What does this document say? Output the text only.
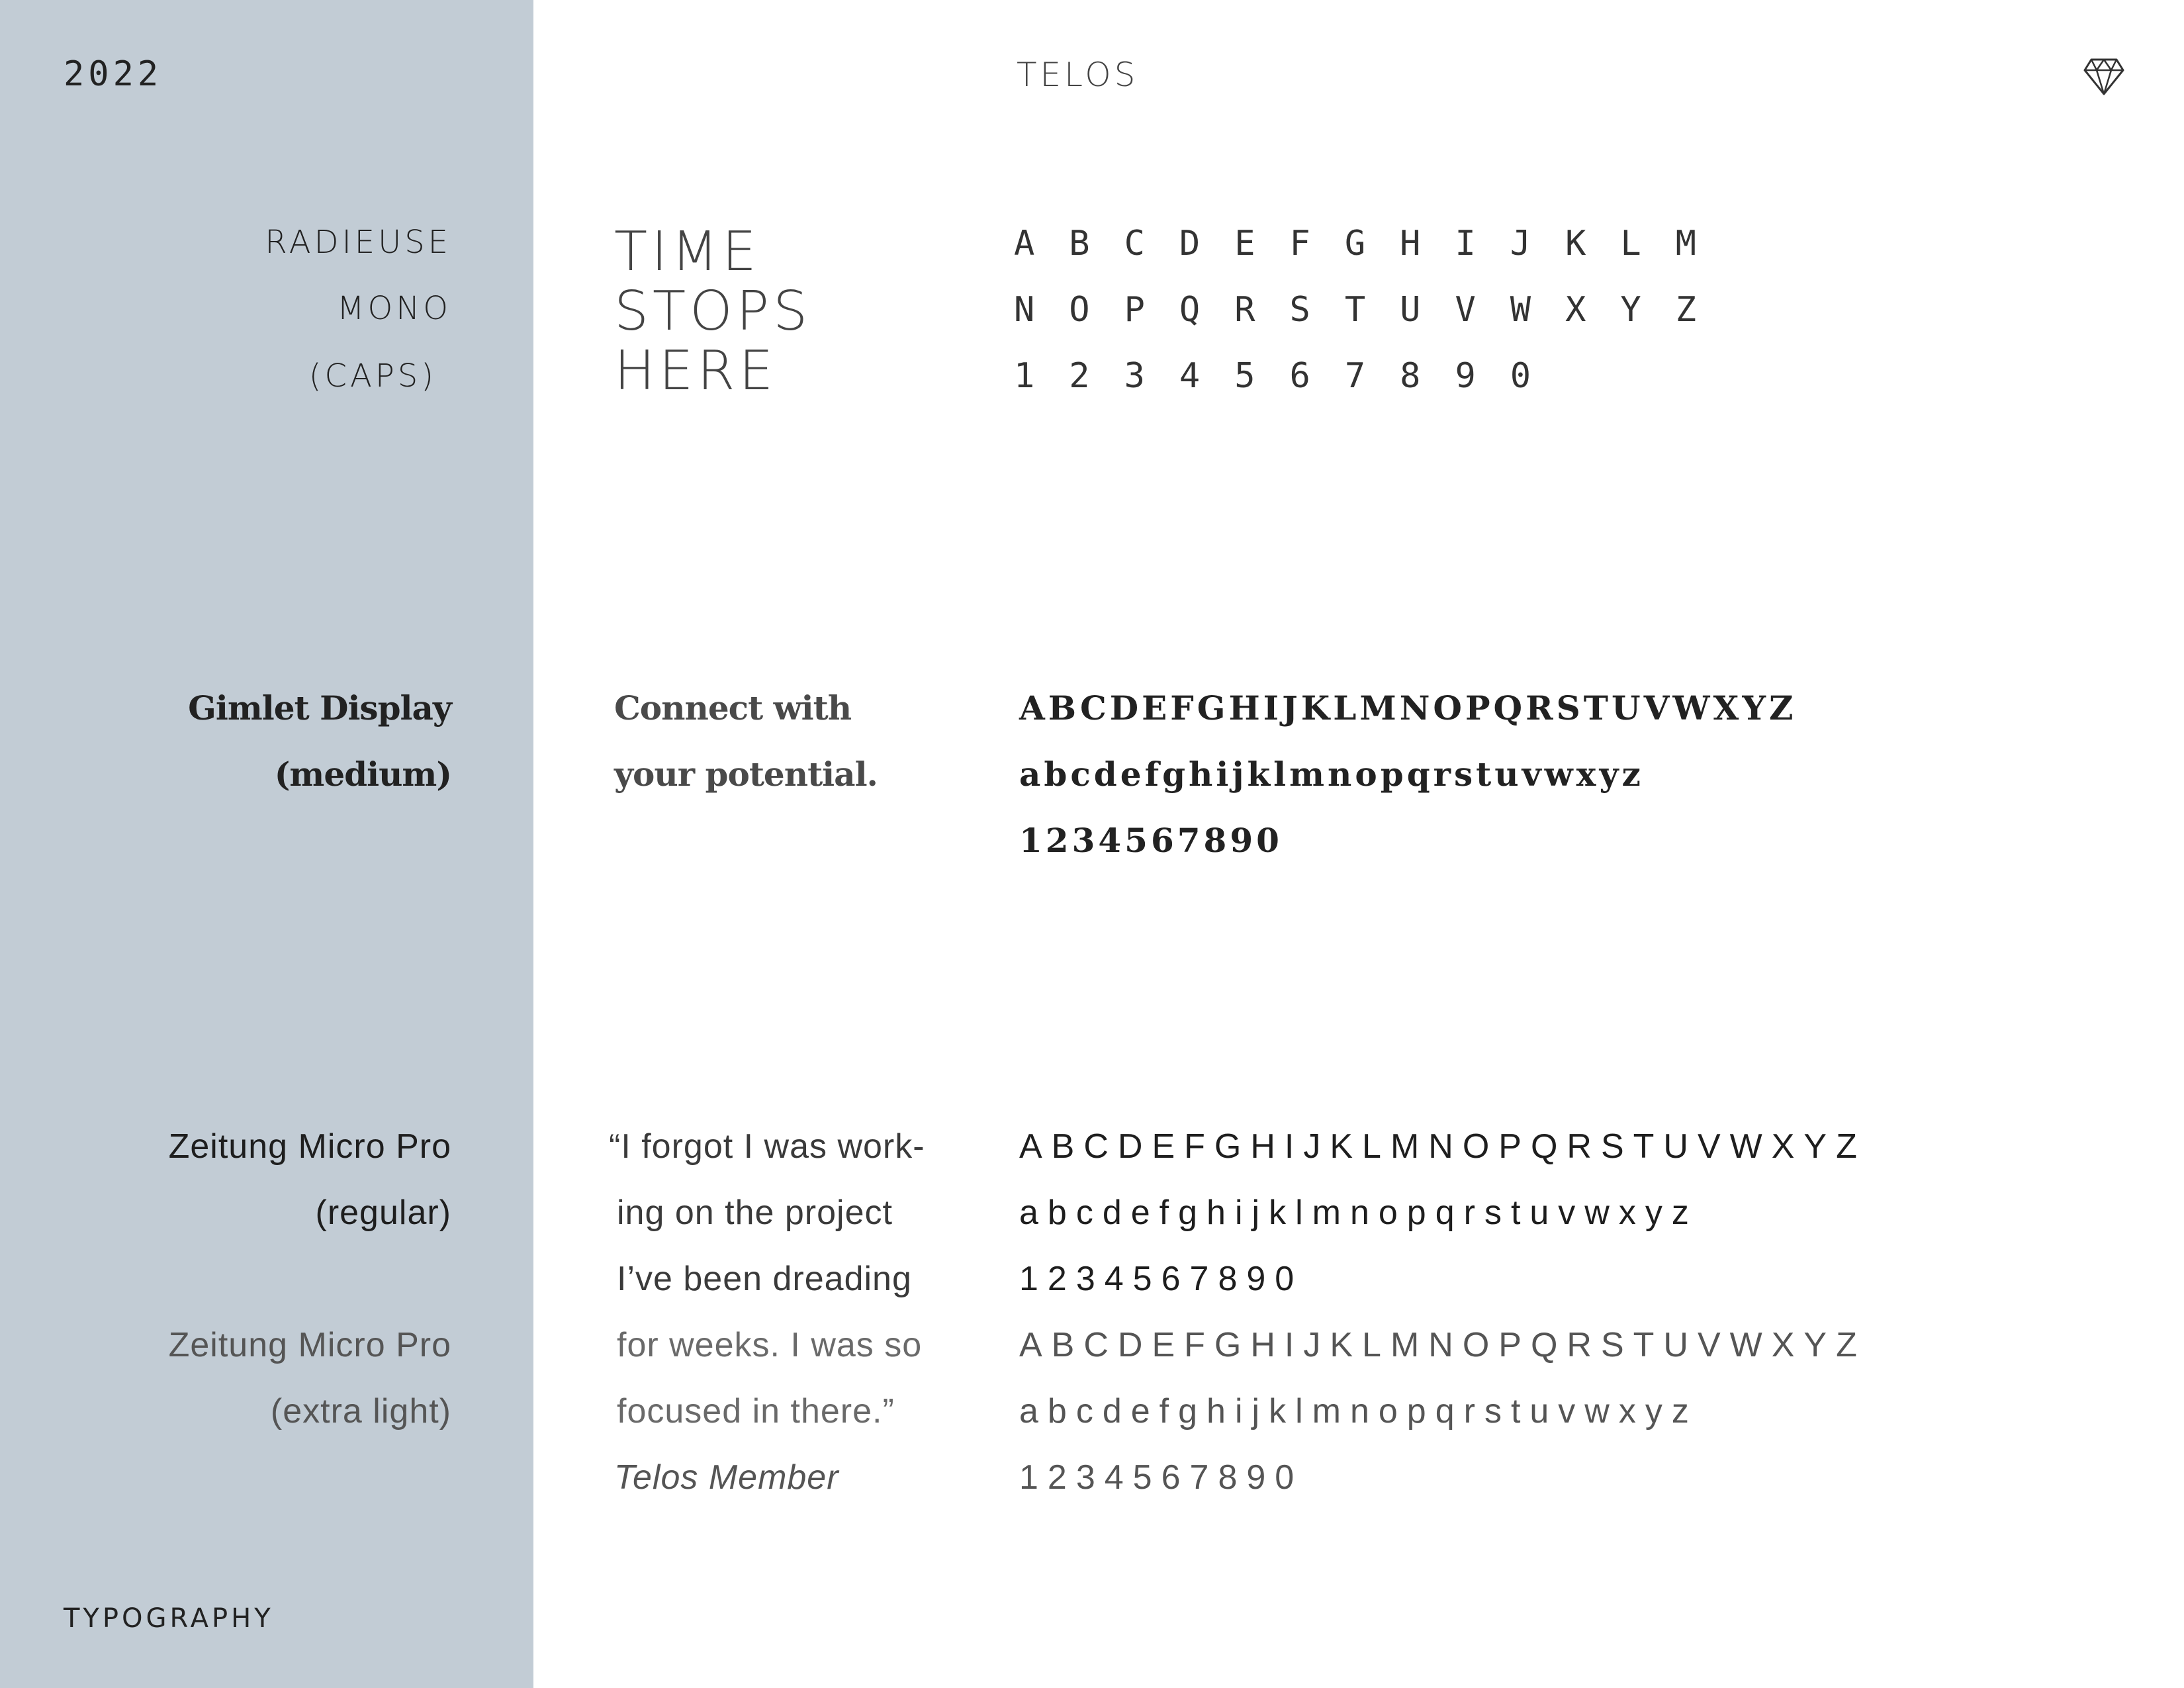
2022	TELOS
RADIEUSE
MONO
(CAPS)
TIME
STOPS
HERE
ABCDEFGHIJKLM
NOPQRSTUVWXYZ
1234567890
Gimlet Display
(medium)
Connect with
your potential.
ABCDEFGHIJKLMNOPQRSTUVWXYZ
abcdefghijklmnopqrstuvwxyz
1234567890
Zeitung Micro Pro
(regular)
Zeitung Micro Pro
(extra light)
“I forgot I was work-
ing on the project
I’ve been dreading
for weeks. I was so
focused in there.”
Telos Member
ABCDEFGHIJKLMNOPQRSTUVWXYZ
abcdefghijklmnopqrstuvwxyz
1234567890
ABCDEFGHIJKLMNOPQRSTUVWXYZ
abcdefghijklmnopqrstuvwxyz
1234567890
TYPOGRAPHY
